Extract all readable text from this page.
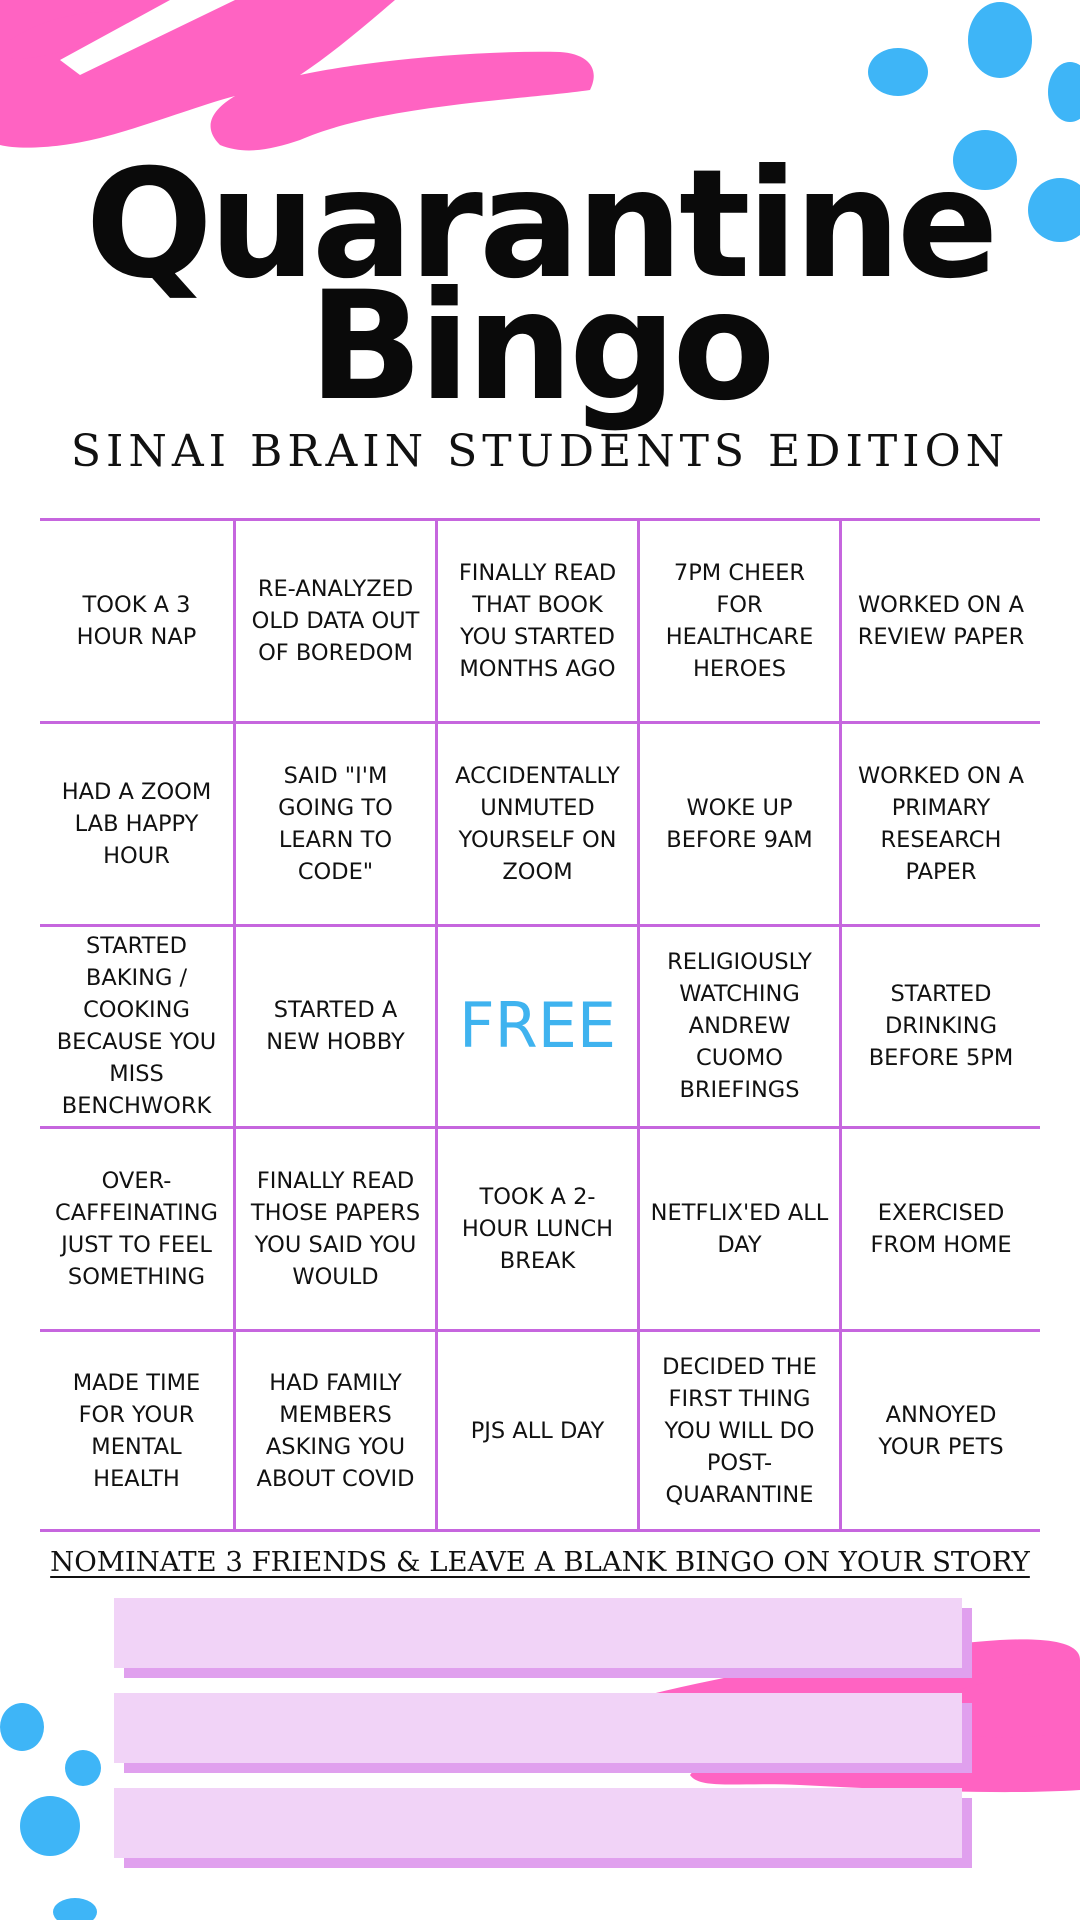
Quarantine
Bingo
SINAI BRAIN STUDENTS EDITION
TOOK A 3 HOUR NAP
RE-ANALYZED OLD DATA OUT OF BOREDOM
FINALLY READ THAT BOOK YOU STARTED MONTHS AGO
7PM CHEER FOR HEALTHCARE HEROES
WORKED ON A REVIEW PAPER
HAD A ZOOM LAB HAPPY HOUR
SAID "I'M GOING TO LEARN TO CODE"
ACCIDENTALLY UNMUTED YOURSELF ON ZOOM
WOKE UP BEFORE 9AM
WORKED ON A PRIMARY RESEARCH PAPER
STARTED BAKING / COOKING BECAUSE YOU MISS BENCHWORK
STARTED A NEW HOBBY FREE
RELIGIOUSLY WATCHING ANDREW CUOMO BRIEFINGS
STARTED DRINKING BEFORE 5PM
OVER-CAFFEINATING JUST TO FEEL SOMETHING
FINALLY READ THOSE PAPERS YOU SAID YOU WOULD
TOOK A 2-HOUR LUNCH BREAK
NETFLIX'ED ALL DAY
EXERCISED FROM HOME
MADE TIME FOR YOUR MENTAL HEALTH
HAD FAMILY MEMBERS ASKING YOU ABOUT COVID
PJS ALL DAY
DECIDED THE FIRST THING YOU WILL DO POST-QUARANTINE
ANNOYED YOUR PETS
NOMINATE 3 FRIENDS & LEAVE A BLANK BINGO ON YOUR STORY
